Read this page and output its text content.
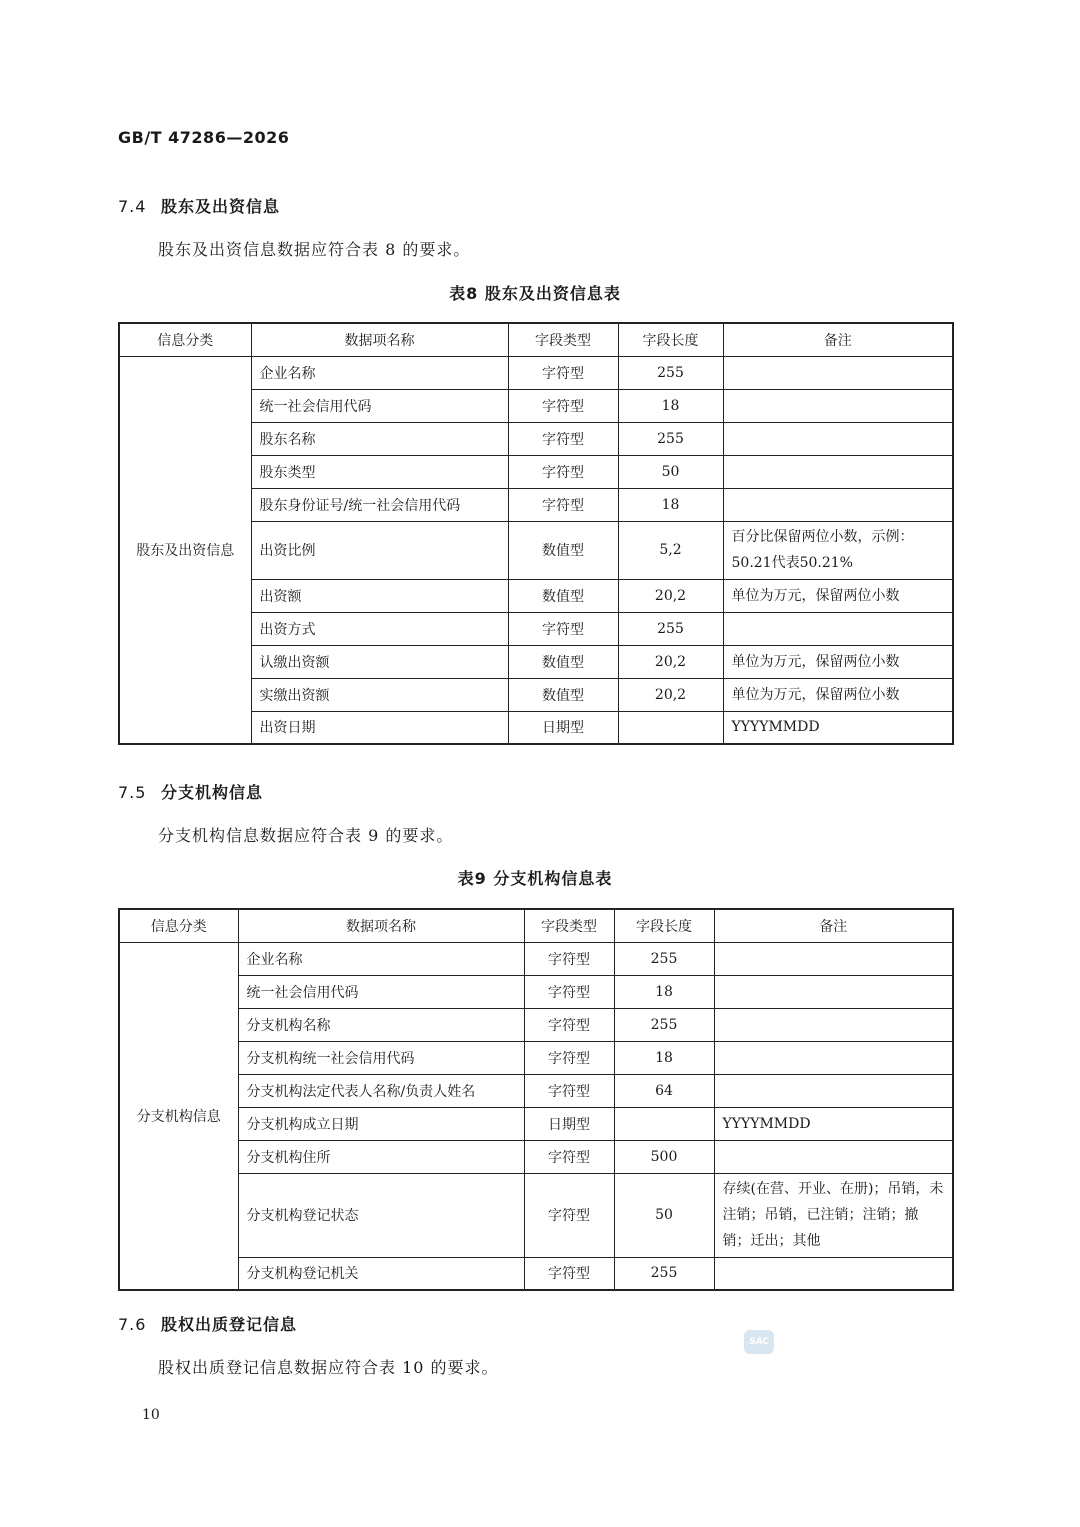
GB/T 47286—2026
7.4 股东及出资信息
股东及出资信息数据应符合表 8 的要求。
表8 股东及出资信息表
信息分类	数据项名称	字段类型	字段长度	备注
股东及出资信息	企业名称	字符型	255	
	统一社会信用代码	字符型	18	
	股东名称	字符型	255	
	股东类型	字符型	50	
	股东身份证号/统一社会信用代码	字符型	18	
	出资比例	数值型	5,2	百分比保留两位小数，示例：50.21代表50.21%
	出资额	数值型	20,2	单位为万元，保留两位小数
	出资方式	字符型	255	
	认缴出资额	数值型	20,2	单位为万元，保留两位小数
	实缴出资额	数值型	20,2	单位为万元，保留两位小数
	出资日期	日期型		YYYYMMDD
7.5 分支机构信息
分支机构信息数据应符合表 9 的要求。
表9 分支机构信息表
信息分类	数据项名称	字段类型	字段长度	备注
分支机构信息	企业名称	字符型	255	
	统一社会信用代码	字符型	18	
	分支机构名称	字符型	255	
	分支机构统一社会信用代码	字符型	18	
	分支机构法定代表人名称/负责人姓名	字符型	64	
	分支机构成立日期	日期型		YYYYMMDD
	分支机构住所	字符型	500	
	分支机构登记状态	字符型	50	存续(在营、开业、在册)；吊销，未注销；吊销，已注销；注销；撤销；迁出；其他
	分支机构登记机关	字符型	255	
7.6 股权出质登记信息
股权出质登记信息数据应符合表 10 的要求。
SAC
10
